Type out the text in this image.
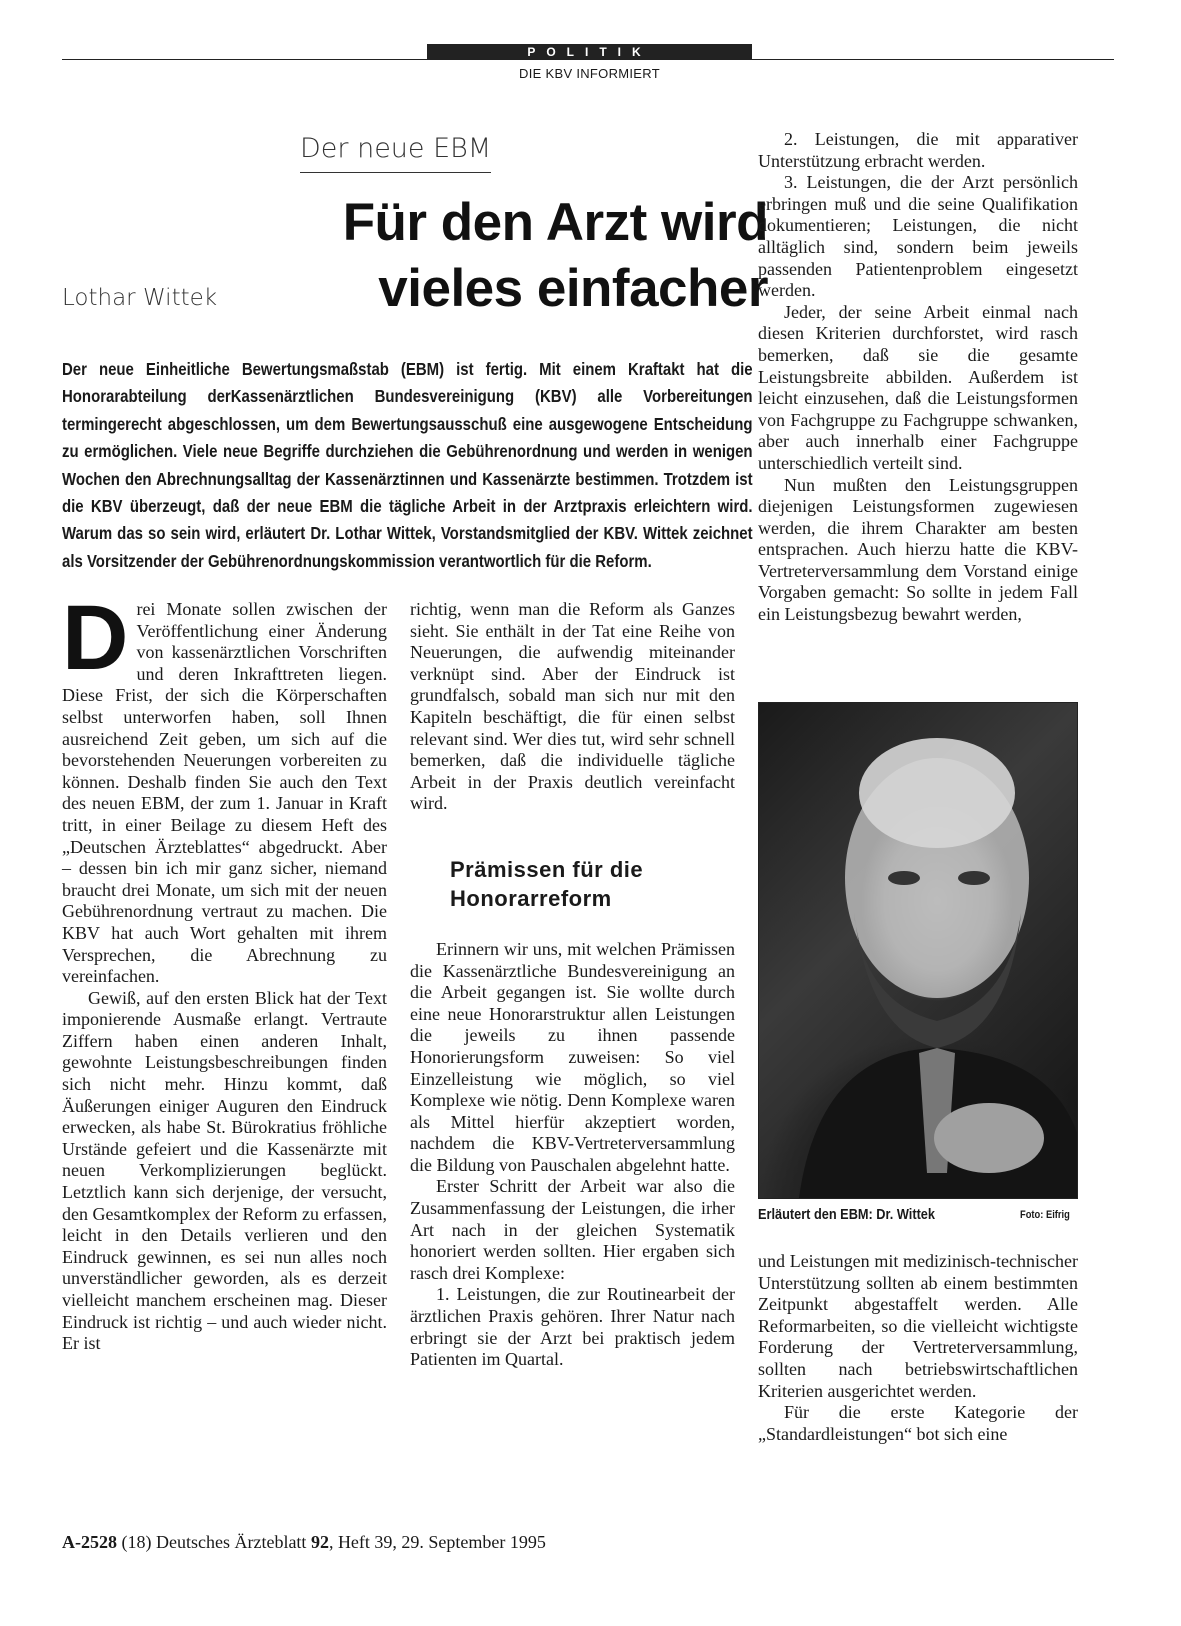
POLITIK
DIE KBV INFORMIERT
Der neue EBM
Für den Arzt wird
vieles einfacher
Lothar Wittek
Der neue Einheitliche Bewertungsmaßstab (EBM) ist fertig. Mit einem Kraftakt hat die Honorarabteilung derKassenärztlichen Bundesvereinigung (KBV) alle Vorbereitungen termingerecht abgeschlossen, um dem Bewertungsausschuß eine ausgewogene Entscheidung zu ermöglichen. Viele neue Begriffe durchziehen die Gebührenordnung und werden in wenigen Wochen den Abrechnungsalltag der Kassenärztinnen und Kassenärzte bestimmen. Trotzdem ist die KBV überzeugt, daß der neue EBM die tägliche Arbeit in der Arztpraxis erleichtern wird. Warum das so sein wird, erläutert Dr. Lothar Wittek, Vorstandsmitglied der KBV. Wittek zeichnet als Vorsitzender der Gebührenordnungskommission verantwortlich für die Reform.

Drei Monate sollen zwischen der Veröffentlichung einer Änderung von kassenärztlichen Vorschriften und deren Inkrafttreten liegen. Diese Frist, der sich die Körperschaften selbst unterworfen haben, soll Ihnen ausreichend Zeit geben, um sich auf die bevorstehenden Neuerungen vorbereiten zu können. Deshalb finden Sie auch den Text des neuen EBM, der zum 1. Januar in Kraft tritt, in einer Beilage zu diesem Heft des „Deutschen Ärzteblattes“ abgedruckt. Aber – dessen bin ich mir ganz sicher, niemand braucht drei Monate, um sich mit der neuen Gebührenordnung vertraut zu machen. Die KBV hat auch Wort gehalten mit ihrem Versprechen, die Abrechnung zu vereinfachen.

Gewiß, auf den ersten Blick hat der Text imponierende Ausmaße erlangt. Vertraute Ziffern haben einen anderen Inhalt, gewohnte Leistungsbeschreibungen finden sich nicht mehr. Hinzu kommt, daß Äußerungen einiger Auguren den Eindruck erwecken, als habe St. Bürokratius fröhliche Urstände gefeiert und die Kassenärzte mit neuen Verkomplizierungen beglückt. Letztlich kann sich derjenige, der versucht, den Gesamtkomplex der Reform zu erfassen, leicht in den Details verlieren und den Eindruck gewinnen, es sei nun alles noch unverständlicher geworden, als es derzeit vielleicht manchem erscheinen mag. Dieser Eindruck ist richtig – und auch wieder nicht. Er ist

richtig, wenn man die Reform als Ganzes sieht. Sie enthält in der Tat eine Reihe von Neuerungen, die aufwendig miteinander verknüpt sind. Aber der Eindruck ist grundfalsch, sobald man sich nur mit den Kapiteln beschäftigt, die für einen selbst relevant sind. Wer dies tut, wird sehr schnell bemerken, daß die individuelle tägliche Arbeit in der Praxis deutlich vereinfacht wird.

Prämissen für die
Honorarreform

Erinnern wir uns, mit welchen Prämissen die Kassenärztliche Bundesvereinigung an die Arbeit gegangen ist. Sie wollte durch eine neue Honorarstruktur allen Leistungen die jeweils zu ihnen passende Honorierungsform zuweisen: So viel Einzelleistung wie möglich, so viel Komplexe wie nötig. Denn Komplexe waren als Mittel hierfür akzeptiert worden, nachdem die KBV-Vertreterversammlung die Bildung von Pauschalen abgelehnt hatte.

Erster Schritt der Arbeit war also die Zusammenfassung der Leistungen, die irher Art nach in der gleichen Systematik honoriert werden sollten. Hier ergaben sich rasch drei Komplexe:

1. Leistungen, die zur Routinearbeit der ärztlichen Praxis gehören. Ihrer Natur nach erbringt sie der Arzt bei praktisch jedem Patienten im Quartal.

2. Leistungen, die mit apparativer Unterstützung erbracht werden.

3. Leistungen, die der Arzt persönlich erbringen muß und die seine Qualifikation dokumentieren; Leistungen, die nicht alltäglich sind, sondern beim jeweils passenden Patientenproblem eingesetzt werden.

Jeder, der seine Arbeit einmal nach diesen Kriterien durchforstet, wird rasch bemerken, daß sie die gesamte Leistungsbreite abbilden. Außerdem ist leicht einzusehen, daß die Leistungsformen von Fachgruppe zu Fachgruppe schwanken, aber auch innerhalb einer Fachgruppe unterschiedlich verteilt sind.

Nun mußten den Leistungsgruppen diejenigen Leistungsformen zugewiesen werden, die ihrem Charakter am besten entsprachen. Auch hierzu hatte die KBV-Vertreterversammlung dem Vorstand einige Vorgaben gemacht: So sollte in jedem Fall ein Leistungsbezug bewahrt werden,

Erläutert den EBM: Dr. Wittek	Foto: Eifrig

und Leistungen mit medizinisch-technischer Unterstützung sollten ab einem bestimmten Zeitpunkt abgestaffelt werden. Alle Reformarbeiten, so die vielleicht wichtigste Forderung der Vertreterversammlung, sollten nach betriebswirtschaftlichen Kriterien ausgerichtet werden.

Für die erste Kategorie der „Standardleistungen“ bot sich eine

A-2528 (18) Deutsches Ärzteblatt 92, Heft 39, 29. September 1995
